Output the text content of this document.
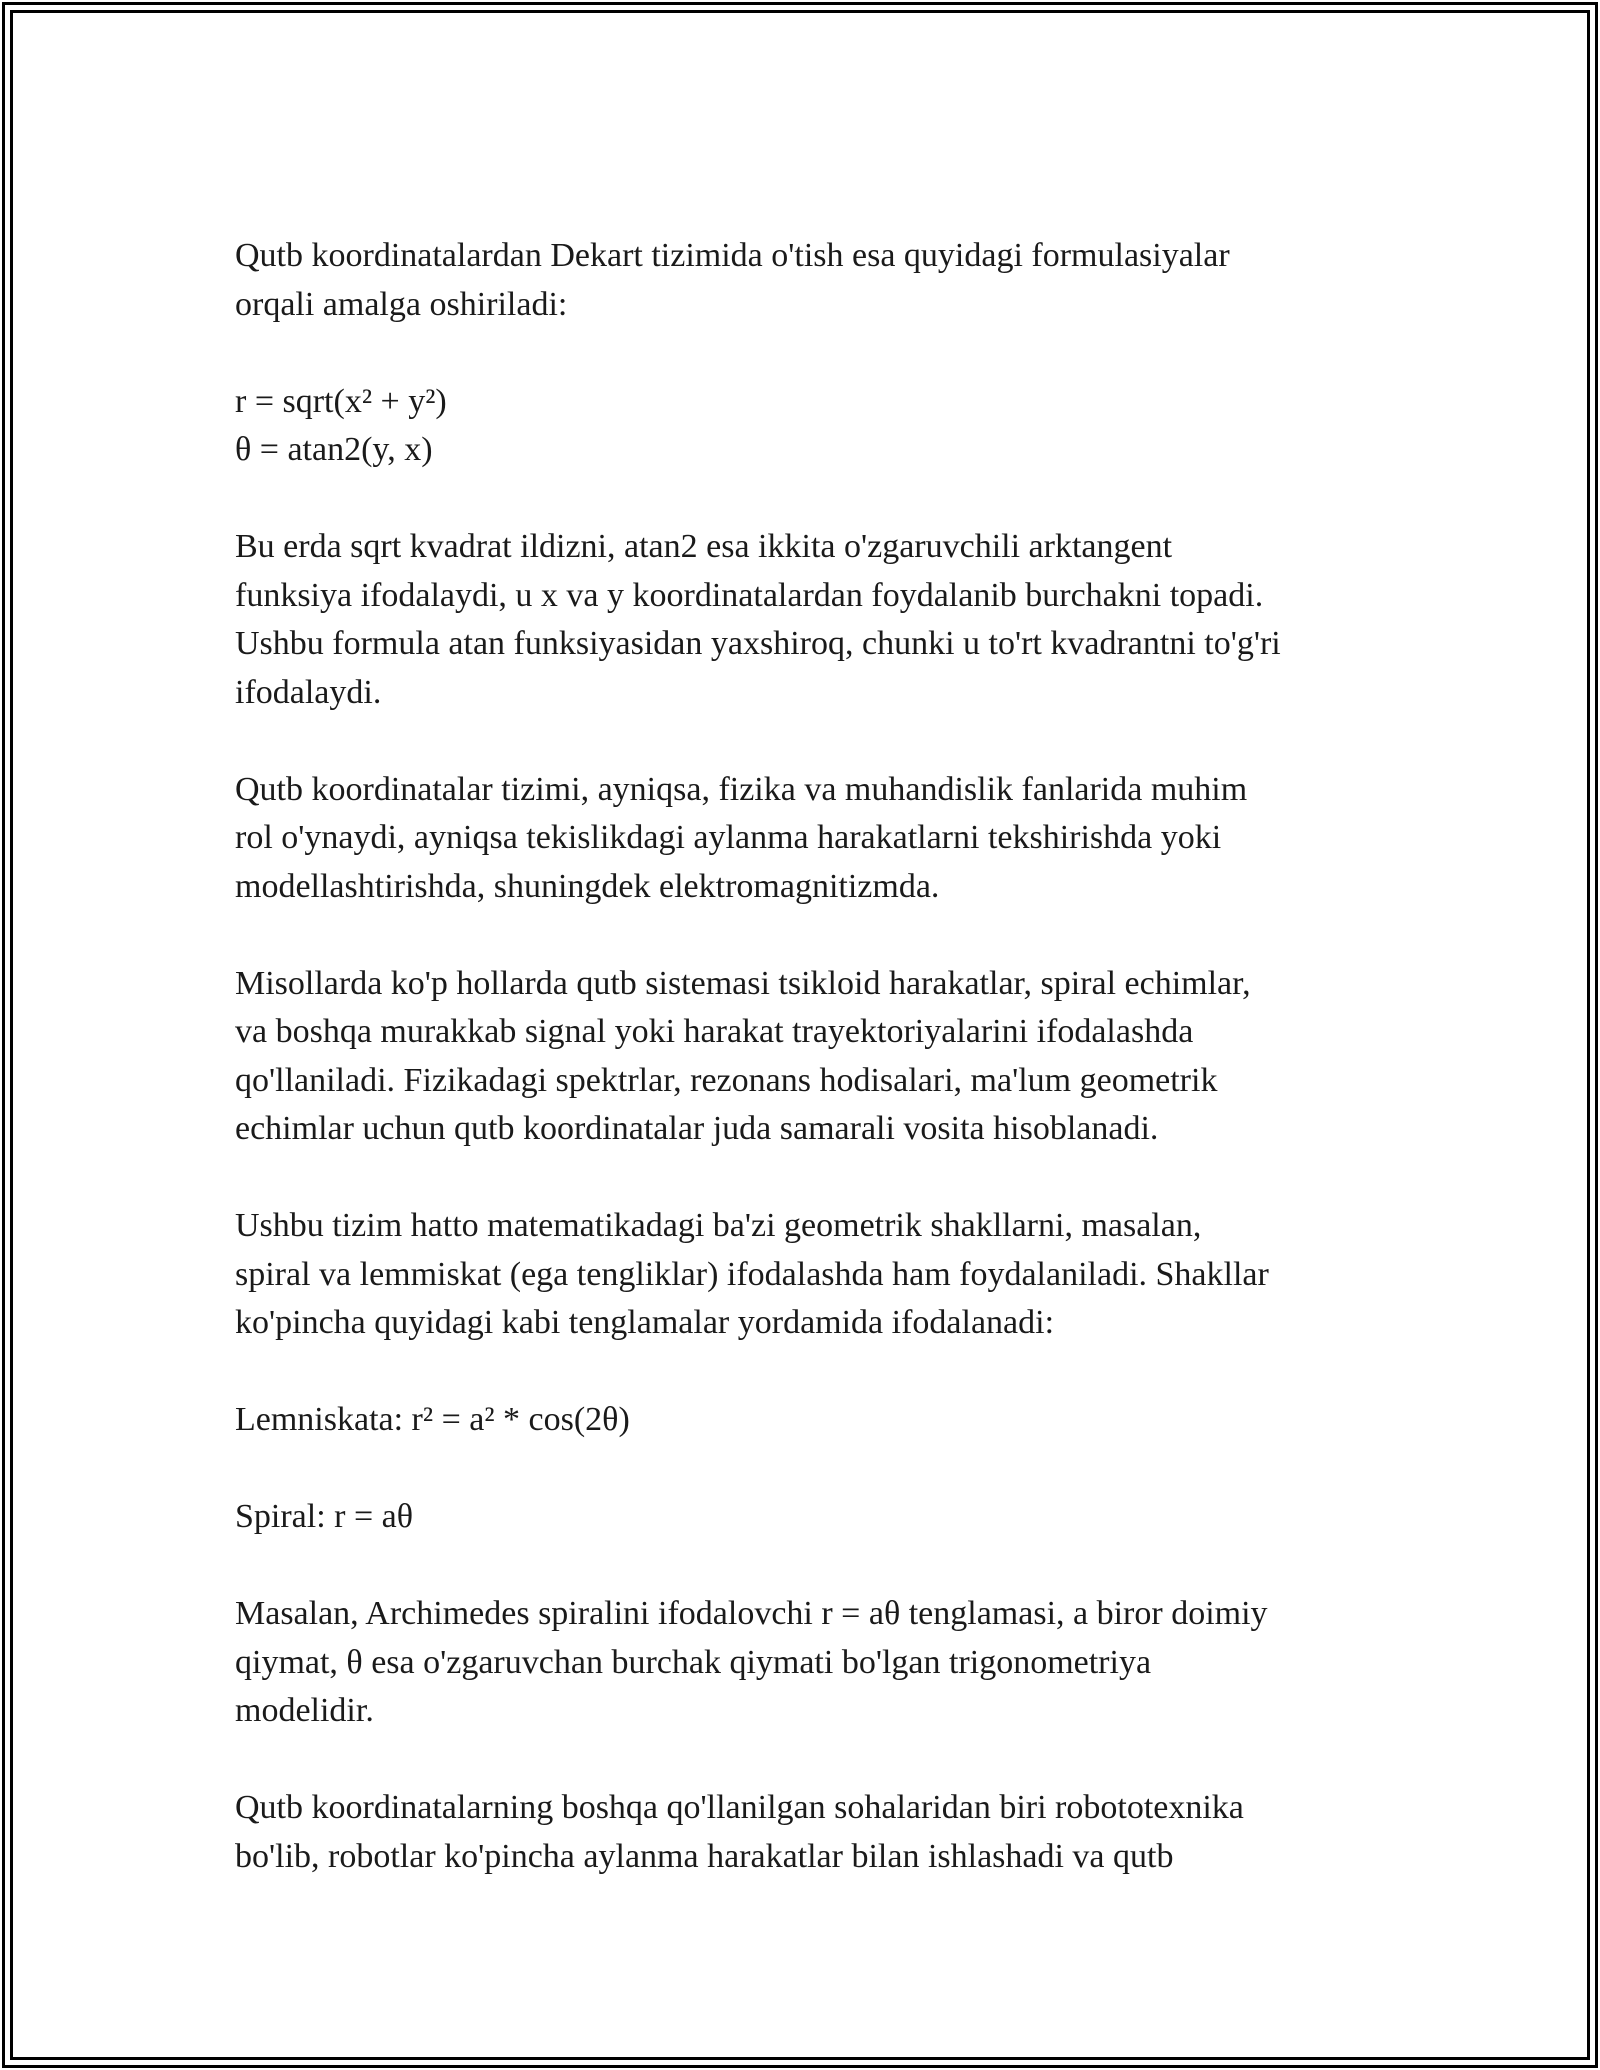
Qutb koordinatalardan Dekart tizimida o'tish esa quyidagi formulasiyalar
orqali amalga oshiriladi:

r = sqrt(x² + y²)
θ = atan2(y, x)

Bu erda sqrt kvadrat ildizni, atan2 esa ikkita o'zgaruvchili arktangent
funksiya ifodalaydi, u x va y koordinatalardan foydalanib burchakni topadi.
Ushbu formula atan funksiyasidan yaxshiroq, chunki u to'rt kvadrantni to'g'ri
ifodalaydi.

Qutb koordinatalar tizimi, ayniqsa, fizika va muhandislik fanlarida muhim
rol o'ynaydi, ayniqsa tekislikdagi aylanma harakatlarni tekshirishda yoki
modellashtirishda, shuningdek elektromagnitizmda.

Misollarda ko'p hollarda qutb sistemasi tsikloid harakatlar, spiral echimlar,
va boshqa murakkab signal yoki harakat trayektoriyalarini ifodalashda
qo'llaniladi. Fizikadagi spektrlar, rezonans hodisalari, ma'lum geometrik
echimlar uchun qutb koordinatalar juda samarali vosita hisoblanadi.

Ushbu tizim hatto matematikadagi ba'zi geometrik shakllarni, masalan,
spiral va lemmiskat (ega tengliklar) ifodalashda ham foydalaniladi. Shakllar
ko'pincha quyidagi kabi tenglamalar yordamida ifodalanadi:

Lemniskata: r² = a² * cos(2θ)

Spiral: r = aθ

Masalan, Archimedes spiralini ifodalovchi r = aθ tenglamasi, a biror doimiy
qiymat, θ esa o'zgaruvchan burchak qiymati bo'lgan trigonometriya
modelidir.

Qutb koordinatalarning boshqa qo'llanilgan sohalaridan biri robototexnika
bo'lib, robotlar ko'pincha aylanma harakatlar bilan ishlashadi va qutb
